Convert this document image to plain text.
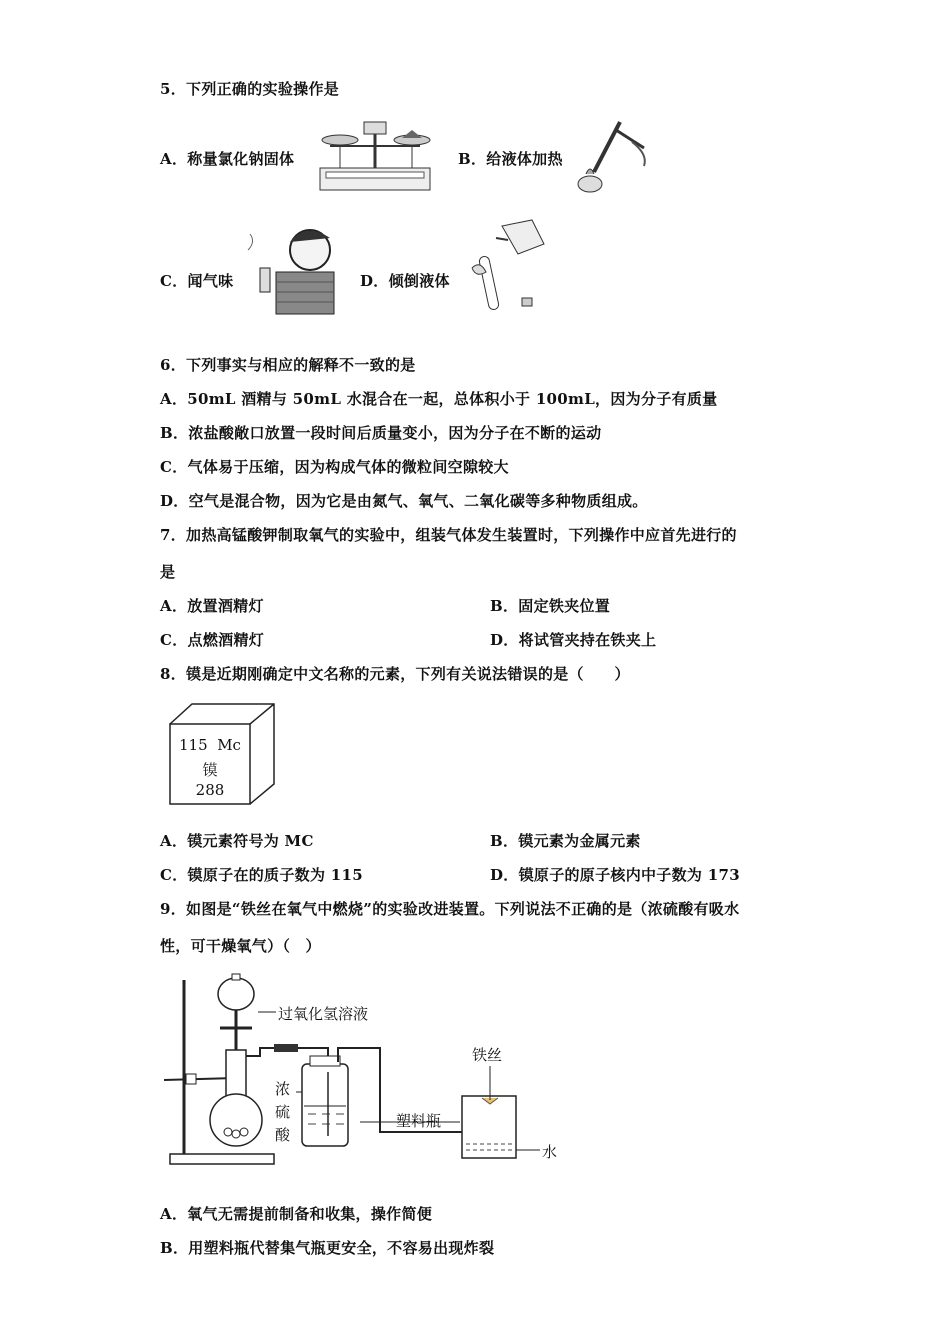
5．下列正确的实验操作是
A．称量氯化钠固体	B．给液体加热
C．闻气味	D．倾倒液体
6．下列事实与相应的解释不一致的是
A．50mL 酒精与 50mL 水混合在一起，总体积小于 100mL，因为分子有质量
B．浓盐酸敞口放置一段时间后质量变小，因为分子在不断的运动
C．气体易于压缩，因为构成气体的微粒间空隙较大
D．空气是混合物，因为它是由氮气、氧气、二氧化碳等多种物质组成。
7．加热高锰酸钾制取氧气的实验中，组装气体发生装置时，下列操作中应首先进行的
是
A．放置酒精灯	B．固定铁夹位置
C．点燃酒精灯	D．将试管夹持在铁夹上
8．镆是近期刚确定中文名称的元素，下列有关说法错误的是（　　）
115 Mc
镆
288
A．镆元素符号为 MC	B．镆元素为金属元素
C．镆原子在的质子数为 115	D．镆原子的原子核内中子数为 173
9．如图是“铁丝在氧气中燃烧”的实验改进装置。下列说法不正确的是（浓硫酸有吸水
性，可干燥氧气）（　）
过氧化氢溶液
浓
硫
酸
铁丝
塑料瓶
水
A．氧气无需提前制备和收集，操作简便
B．用塑料瓶代替集气瓶更安全，不容易出现炸裂
